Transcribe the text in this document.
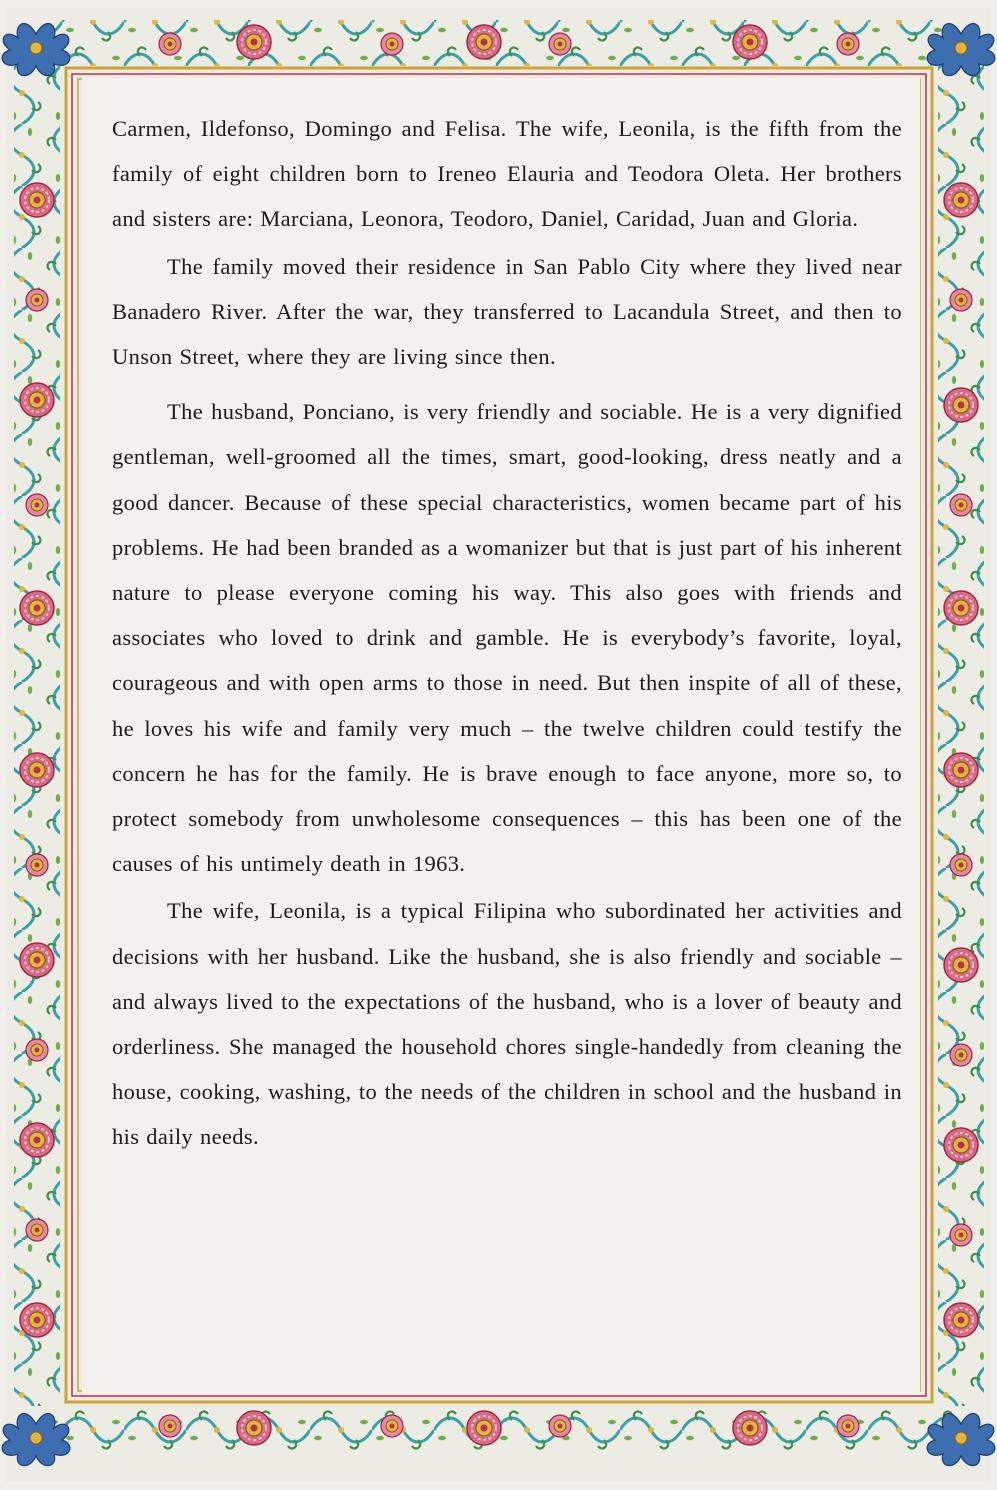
Carmen, Ildefonso, Domingo and Felisa. The wife, Leonila, is the fifth from the family of eight children born to Ireneo Elauria and Teodora Oleta. Her brothers and sisters are: Marciana, Leonora, Teodoro, Daniel, Caridad, Juan and Gloria.

The family moved their residence in San Pablo City where they lived near Banadero River. After the war, they transferred to Lacandula Street, and then to Unson Street, where they are living since then.

The husband, Ponciano, is very friendly and sociable. He is a very dignified gentleman, well-groomed all the times, smart, good-looking, dress neatly and a good dancer. Because of these special characteristics, women became part of his problems. He had been branded as a womanizer but that is just part of his inherent nature to please everyone coming his way. This also goes with friends and associates who loved to drink and gamble. He is everybody’s favorite, loyal, courageous and with open arms to those in need. But then inspite of all of these, he loves his wife and family very much – the twelve children could testify the concern he has for the family. He is brave enough to face anyone, more so, to protect somebody from unwholesome consequences – this has been one of the causes of his untimely death in 1963.

The wife, Leonila, is a typical Filipina who subordinated her activities and decisions with her husband. Like the husband, she is also friendly and sociable – and always lived to the expectations of the husband, who is a lover of beauty and orderliness. She managed the household chores single-handedly from cleaning the house, cooking, washing, to the needs of the children in school and the husband in his daily needs.
